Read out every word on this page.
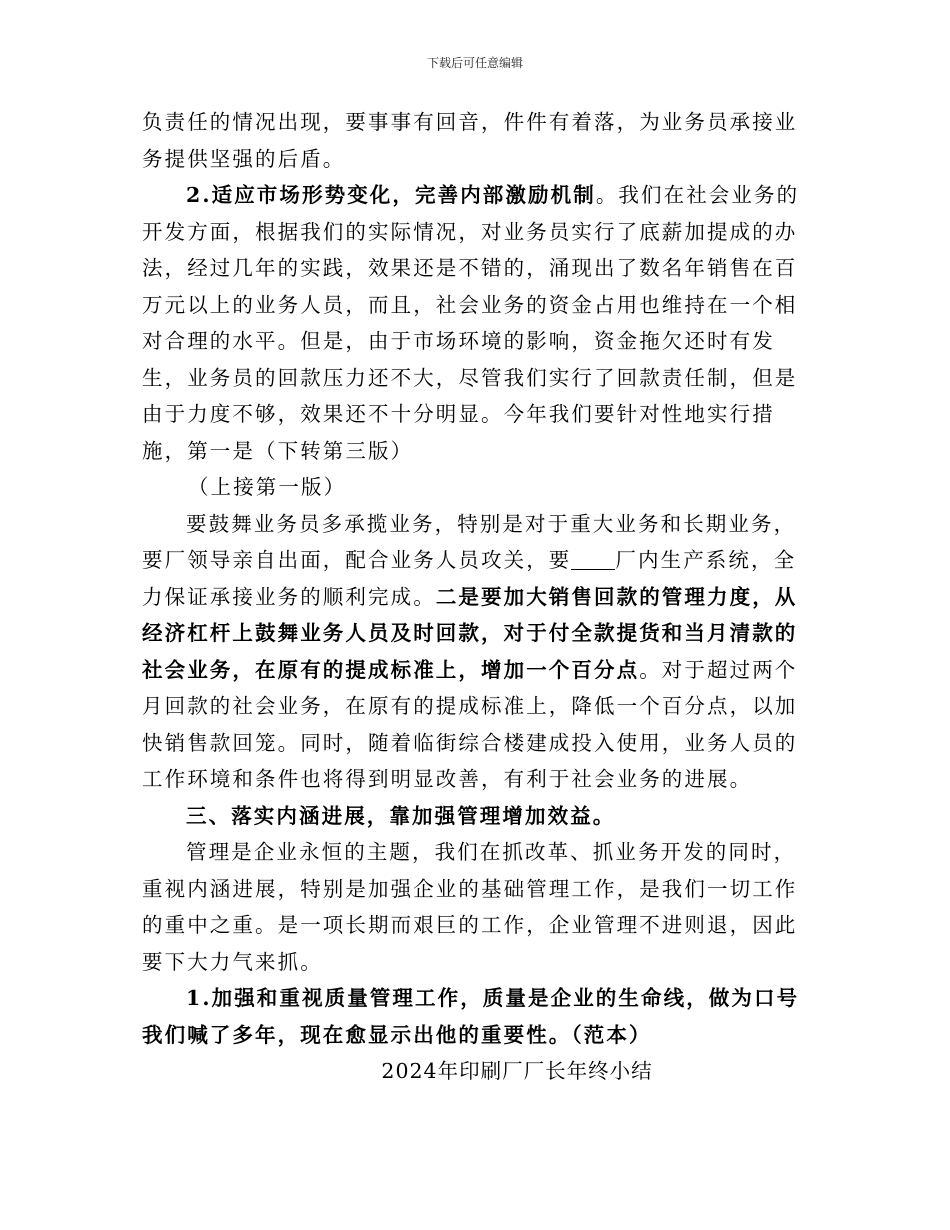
下载后可任意编辑

负责任的情况出现，要事事有回音，件件有着落，为业务员承接业务提供坚强的后盾。

2.适应市场形势变化，完善内部激励机制。我们在社会业务的开发方面，根据我们的实际情况，对业务员实行了底薪加提成的办法，经过几年的实践，效果还是不错的，涌现出了数名年销售在百万元以上的业务人员，而且，社会业务的资金占用也维持在一个相对合理的水平。但是，由于市场环境的影响，资金拖欠还时有发生，业务员的回款压力还不大，尽管我们实行了回款责任制，但是由于力度不够，效果还不十分明显。今年我们要针对性地实行措施，第一是（下转第三版）

（上接第一版）

要鼓舞业务员多承揽业务，特别是对于重大业务和长期业务，要厂领导亲自出面，配合业务人员攻关，要 厂内生产系统，全力保证承接业务的顺利完成。二是要加大销售回款的管理力度，从经济杠杆上鼓舞业务人员及时回款，对于付全款提货和当月清款的社会业务，在原有的提成标准上，增加一个百分点。对于超过两个月回款的社会业务，在原有的提成标准上，降低一个百分点，以加快销售款回笼。同时，随着临街综合楼建成投入使用，业务人员的工作环境和条件也将得到明显改善，有利于社会业务的进展。

三、落实内涵进展，靠加强管理增加效益。

管理是企业永恒的主题，我们在抓改革、抓业务开发的同时，重视内涵进展，特别是加强企业的基础管理工作，是我们一切工作的重中之重。是一项长期而艰巨的工作，企业管理不进则退，因此要下大力气来抓。

1.加强和重视质量管理工作，质量是企业的生命线，做为口号我们喊了多年，现在愈显示出他的重要性。（范本）

2024年印刷厂厂长年终小结
